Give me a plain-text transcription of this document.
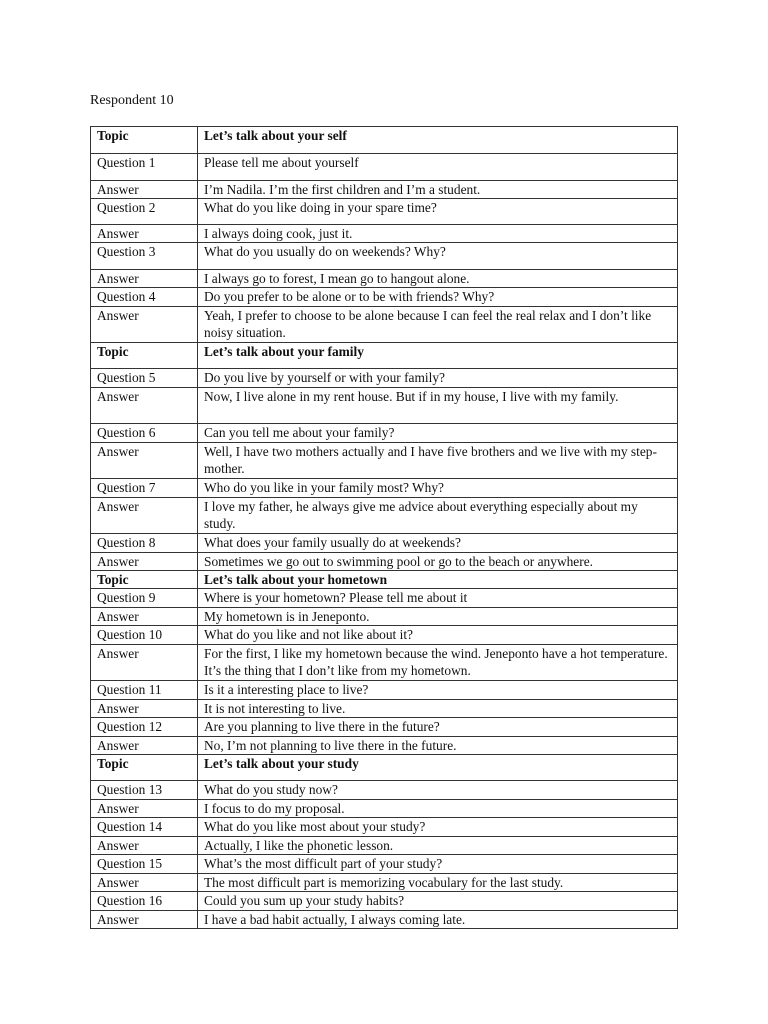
Respondent 10
Topic	Let’s talk about your self
Question 1	Please tell me about yourself
Answer	I’m Nadila. I’m the first children and I’m a student.
Question 2	What do you like doing in your spare time?
Answer	I always doing cook, just it.
Question 3	What do you usually do on weekends? Why?
Answer	I always go to forest, I mean go to hangout alone.
Question 4	Do you prefer to be alone or to be with friends? Why?
Answer	Yeah, I prefer to choose to be alone because I can feel the real relax and I don’t like noisy situation.
Topic	Let’s talk about your family
Question 5	Do you live by yourself or with your family?
Answer	Now, I live alone in my rent house. But if in my house, I live with my family.
Question 6	Can you tell me about your family?
Answer	Well, I have two mothers actually and I have five brothers and we live with my step-mother.
Question 7	Who do you like in your family most? Why?
Answer	I love my father, he always give me advice about everything especially about my study.
Question 8	What does your family usually do at weekends?
Answer	Sometimes we go out to swimming pool or go to the beach or anywhere.
Topic	Let’s talk about your hometown
Question 9	Where is your hometown? Please tell me about it
Answer	My hometown is in Jeneponto.
Question 10	What do you like and not like about it?
Answer	For the first, I like my hometown because the wind. Jeneponto have a hot temperature. It’s the thing that I don’t like from my hometown.
Question 11	Is it a interesting place to live?
Answer	It is not interesting to live.
Question 12	Are you planning to live there in the future?
Answer	No, I’m not planning to live there in the future.
Topic	Let’s talk about your study
Question 13	What do you study now?
Answer	I focus to do my proposal.
Question 14	What do you like most about your study?
Answer	Actually, I like the phonetic lesson.
Question 15	What’s the most difficult part of your study?
Answer	The most difficult part is memorizing vocabulary for the last study.
Question 16	Could you sum up your study habits?
Answer	I have a bad habit actually, I always coming late.
